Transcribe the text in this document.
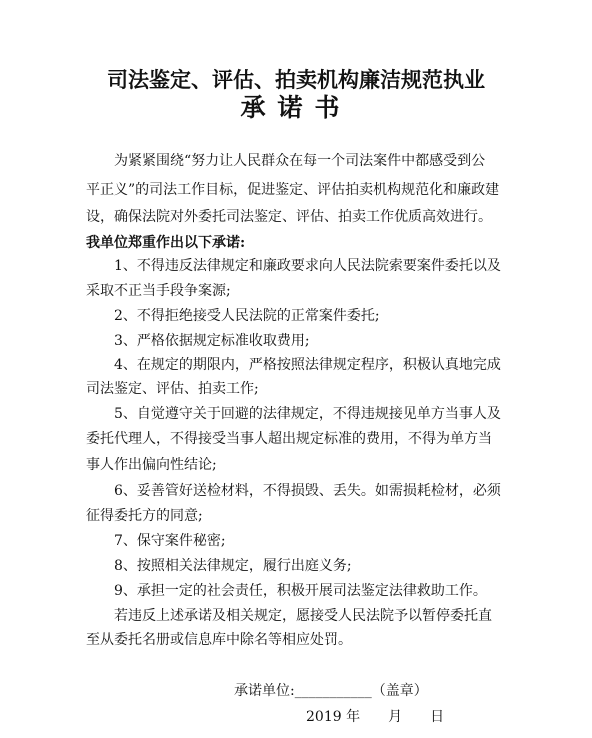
司法鉴定、评估、拍卖机构廉洁规范执业
承诺书
　　为紧紧围绕“努力让人民群众在每一个司法案件中都感受到公
平正义”的司法工作目标，促进鉴定、评估拍卖机构规范化和廉政建
设，确保法院对外委托司法鉴定、评估、拍卖工作优质高效进行。
我单位郑重作出以下承诺:
　　1、不得违反法律规定和廉政要求向人民法院索要案件委托以及
采取不正当手段争案源;
　　2、不得拒绝接受人民法院的正常案件委托;
　　3、严格依据规定标准收取费用;
　　4、在规定的期限内，严格按照法律规定程序，积极认真地完成
司法鉴定、评估、拍卖工作;
　　5、自觉遵守关于回避的法律规定，不得违规接见单方当事人及
委托代理人，不得接受当事人超出规定标准的费用，不得为单方当
事人作出偏向性结论;
　　6、妥善管好送检材料，不得损毁、丢失。如需损耗检材，必须
征得委托方的同意;
　　7、保守案件秘密;
　　8、按照相关法律规定，履行出庭义务;
　　9、承担一定的社会责任，积极开展司法鉴定法律救助工作。
　　若违反上述承诺及相关规定，愿接受人民法院予以暂停委托直
至从委托名册或信息库中除名等相应处罚。
承诺单位:___________（盖章）
2019 年　　月　　日
